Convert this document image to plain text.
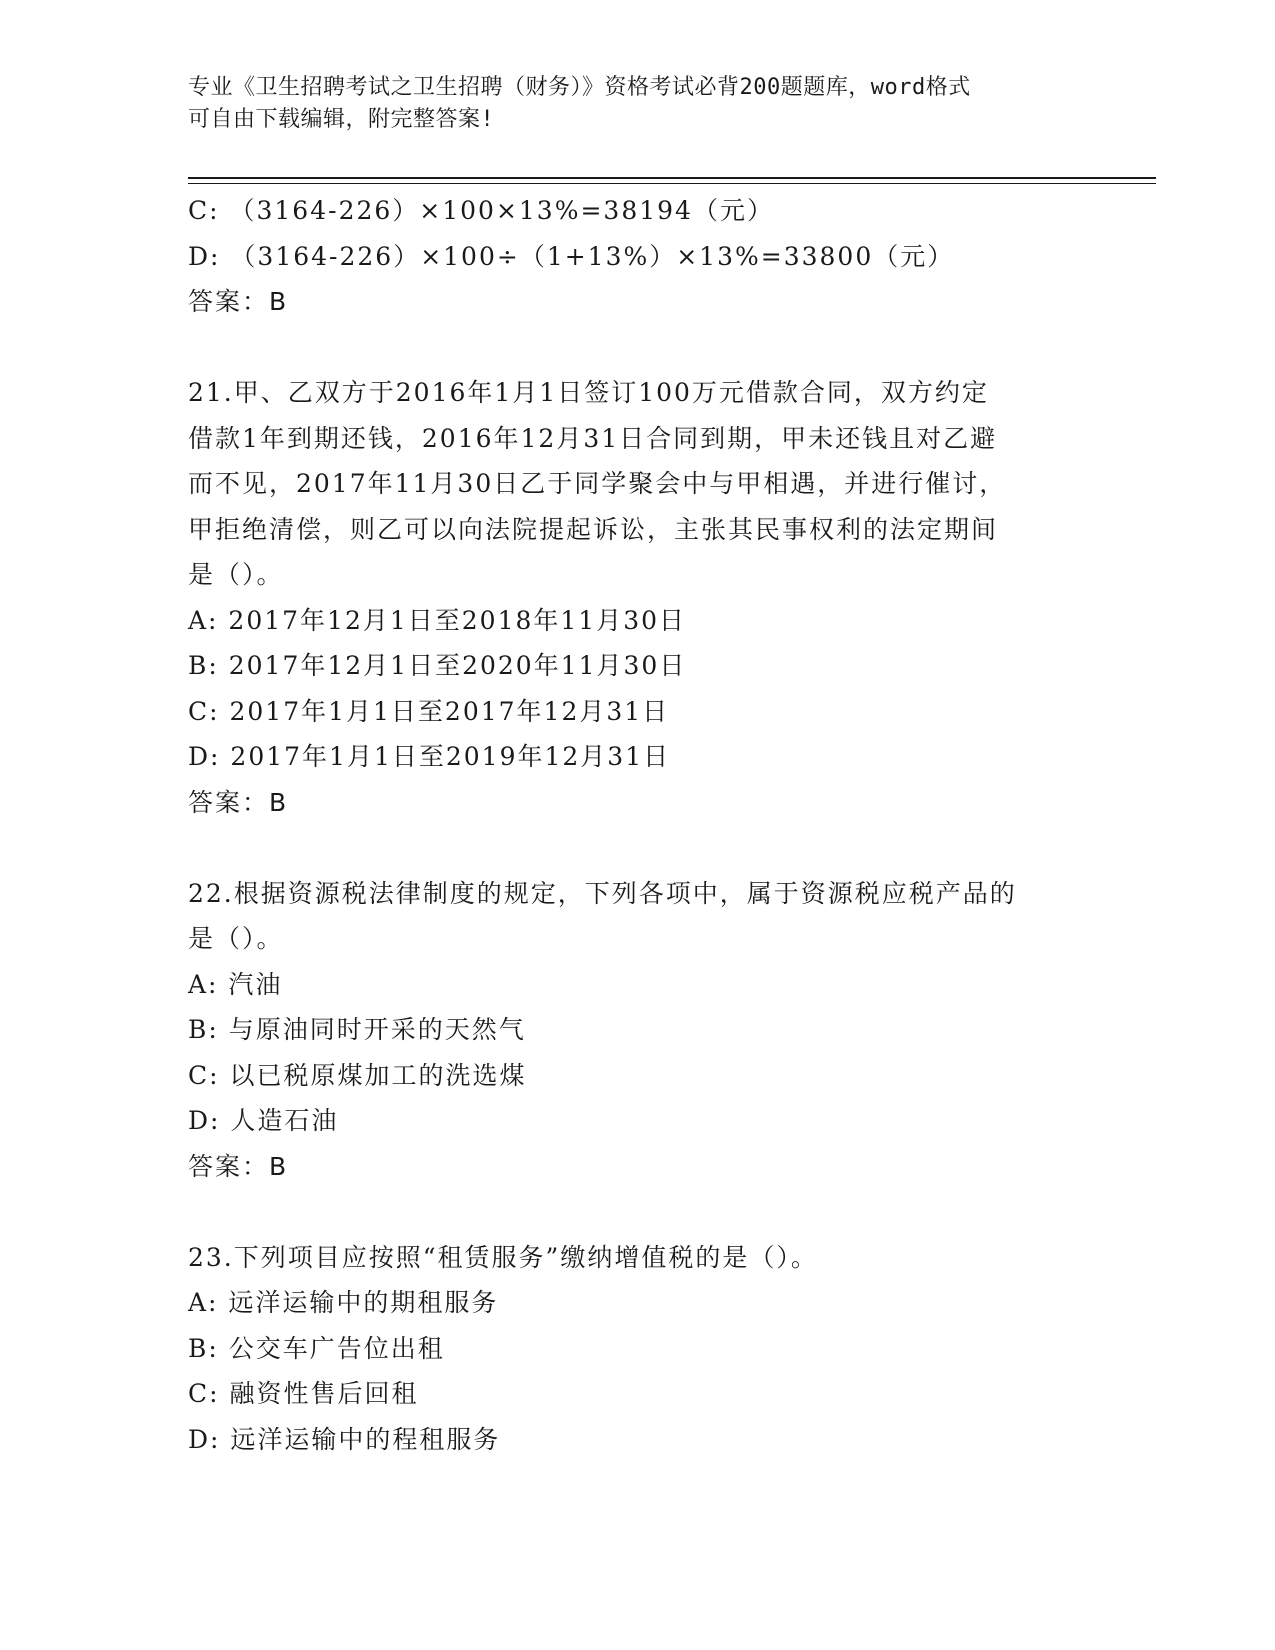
专业《卫生招聘考试之卫生招聘（财务）》资格考试必背200题题库，word格式
可自由下载编辑，附完整答案!
C: （3164-226）×100×13%=38194（元）
D: （3164-226）×100÷（1+13%）×13%=33800（元）
答案：B
21.甲、乙双方于2016年1月1日签订100万元借款合同，双方约定
借款1年到期还钱，2016年12月31日合同到期，甲未还钱且对乙避
而不见，2017年11月30日乙于同学聚会中与甲相遇，并进行催讨，
甲拒绝清偿，则乙可以向法院提起诉讼，主张其民事权利的法定期间
是（）。
A: 2017年12月1日至2018年11月30日
B: 2017年12月1日至2020年11月30日
C: 2017年1月1日至2017年12月31日
D: 2017年1月1日至2019年12月31日
答案：B
22.根据资源税法律制度的规定，下列各项中，属于资源税应税产品的
是（）。
A: 汽油
B: 与原油同时开采的天然气
C: 以已税原煤加工的洗选煤
D: 人造石油
答案：B
23.下列项目应按照“租赁服务”缴纳增值税的是（）。
A: 远洋运输中的期租服务
B: 公交车广告位出租
C: 融资性售后回租
D: 远洋运输中的程租服务
